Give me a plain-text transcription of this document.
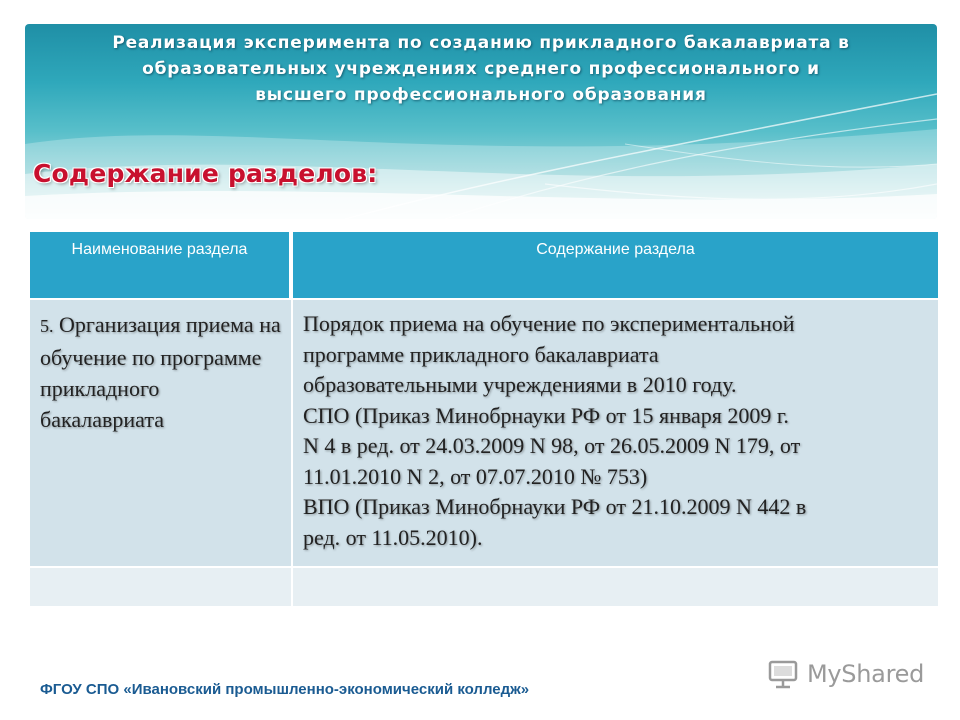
Реализация эксперимента по созданию прикладного бакалавриата в
образовательных учреждениях среднего профессионального и
высшего профессионального образования
Содержание разделов:
Наименование раздела	Содержание раздела
5. Организация приема на обучение по программе прикладного бакалавриата
Порядок приема на обучение по экспериментальной
программе прикладного бакалавриата
образовательными учреждениями в 2010 году.
СПО (Приказ Минобрнауки РФ от 15 января 2009 г.
N 4 в ред. от 24.03.2009 N 98, от 26.05.2009 N 179, от
11.01.2010 N 2, от 07.07.2010 № 753)
ВПО (Приказ Минобрнауки РФ от 21.10.2009 N 442 в
ред. от 11.05.2010).
ФГОУ СПО «Ивановский промышленно-экономический колледж»
MyShared
